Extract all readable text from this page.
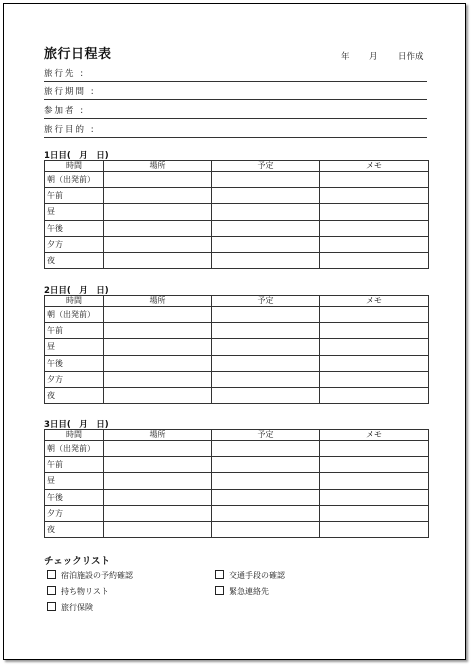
旅行日程表	年 月 日作成
旅行先 :
旅行期間 :
参加者 :
旅行目的 :
1日目(　月　日)
時間	場所	予定	メモ
朝（出発前）			
午前			
昼			
午後			
夕方			
夜			
2日目(　月　日)
時間	場所	予定	メモ
朝（出発前）			
午前			
昼			
午後			
夕方			
夜			
3日目(　月　日)
時間	場所	予定	メモ
朝（出発前）			
午前			
昼			
午後			
夕方			
夜			
チェックリスト
宿泊施設の予約確認
持ち物リスト
旅行保険
交通手段の確認
緊急連絡先
